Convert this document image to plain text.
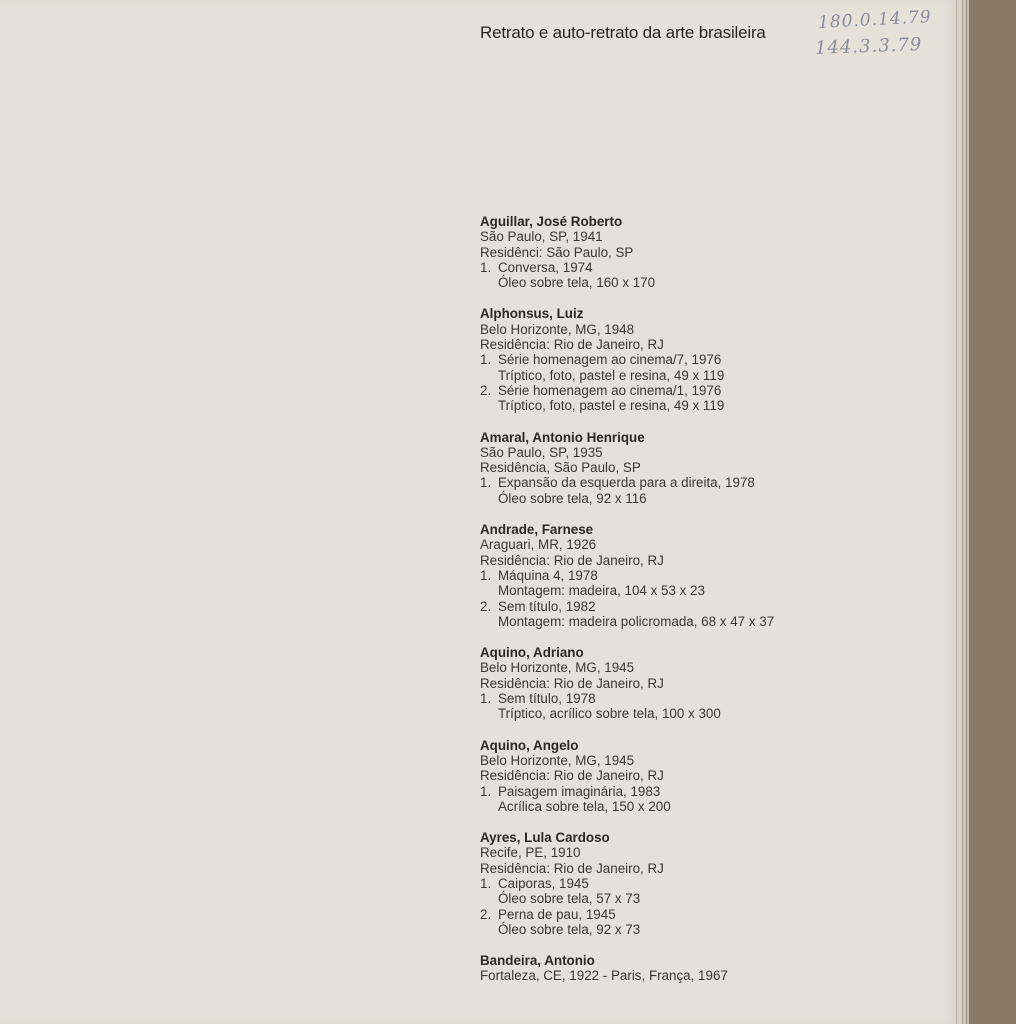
Retrato e auto-retrato da arte brasileira	180.0.14.79
144.3.3.79
Aguillar, José Roberto
São Paulo, SP, 1941
Residênci: São Paulo, SP
1. Conversa, 1974
Óleo sobre tela, 160 x 170
Alphonsus, Luiz
Belo Horizonte, MG, 1948
Residência: Rio de Janeiro, RJ
1. Série homenagem ao cinema/7, 1976
Tríptico, foto, pastel e resina, 49 x 119
2. Série homenagem ao cinema/1, 1976
Tríptico, foto, pastel e resina, 49 x 119
Amaral, Antonio Henrique
São Paulo, SP, 1935
Residência, São Paulo, SP
1. Expansão da esquerda para a direita, 1978
Óleo sobre tela, 92 x 116
Andrade, Farnese
Araguari, MR, 1926
Residência: Rio de Janeiro, RJ
1. Máquina 4, 1978
Montagem: madeira, 104 x 53 x 23
2. Sem título, 1982
Montagem: madeira policromada, 68 x 47 x 37
Aquino, Adriano
Belo Horizonte, MG, 1945
Residência: Rio de Janeiro, RJ
1. Sem título, 1978
Tríptico, acrílico sobre tela, 100 x 300
Aquino, Angelo
Belo Horizonte, MG, 1945
Residência: Rio de Janeiro, RJ
1. Paisagem imaginária, 1983
Acrílica sobre tela, 150 x 200
Ayres, Lula Cardoso
Recife, PE, 1910
Residência: Rio de Janeiro, RJ
1. Caiporas, 1945
Óleo sobre tela, 57 x 73
2. Perna de pau, 1945
Óleo sobre tela, 92 x 73
Bandeira, Antonio
Fortaleza, CE, 1922 - Paris, França, 1967
